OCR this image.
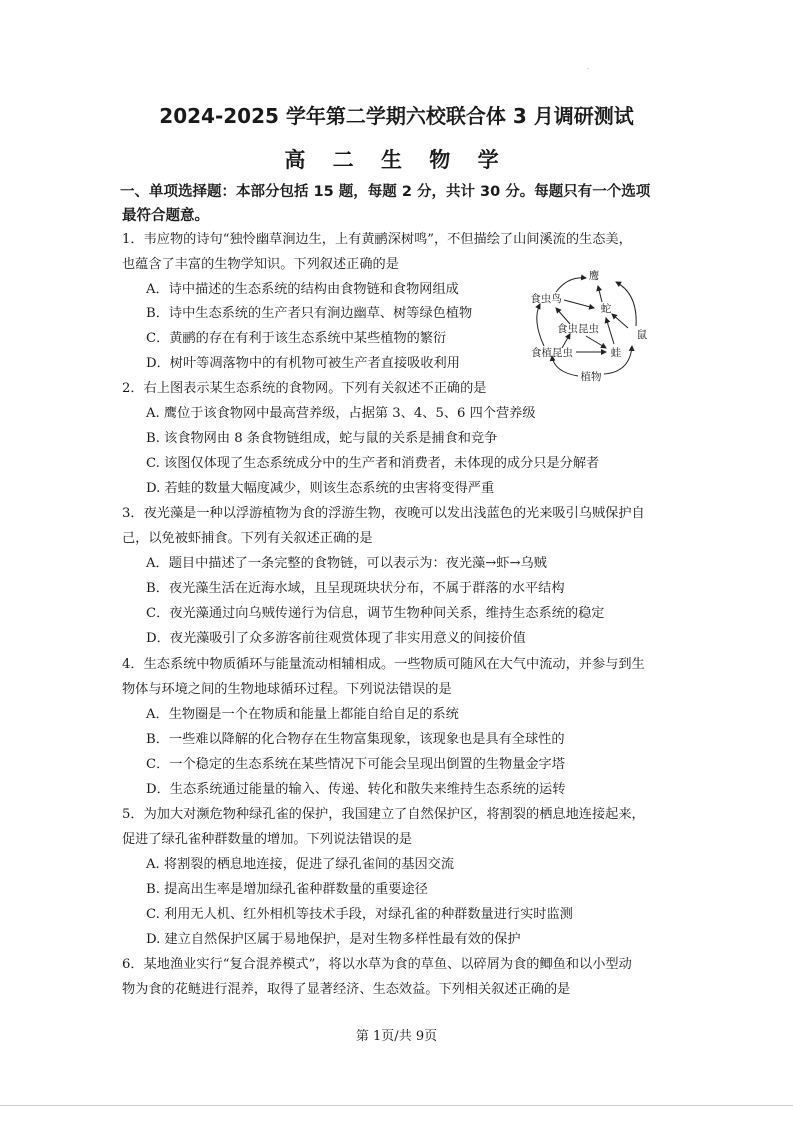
·
2024-2025 学年第二学期六校联合体 3 月调研测试
高 二 生 物 学
一、单项选择题：本部分包括 15 题，每题 2 分，共计 30 分。每题只有一个选项
最符合题意。
1．韦应物的诗句“独怜幽草涧边生，上有黄鹂深树鸣”，不但描绘了山间溪流的生态美，
也蕴含了丰富的生物学知识。下列叙述正确的是
A．诗中描述的生态系统的结构由食物链和食物网组成
B．诗中生态系统的生产者只有涧边幽草、树等绿色植物
C．黄鹂的存在有利于该生态系统中某些植物的繁衍
D．树叶等凋落物中的有机物可被生产者直接吸收利用
鹰
食虫鸟
蛇
食虫昆虫	鼠
食植昆虫	蛙
植物
2．右上图表示某生态系统的食物网。下列有关叙述不正确的是
A. 鹰位于该食物网中最高营养级，占据第 3、4、5、6 四个营养级
B. 该食物网由 8 条食物链组成，蛇与鼠的关系是捕食和竞争
C. 该图仅体现了生态系统成分中的生产者和消费者，未体现的成分只是分解者
D. 若蛙的数量大幅度减少，则该生态系统的虫害将变得严重
3．夜光藻是一种以浮游植物为食的浮游生物，夜晚可以发出浅蓝色的光来吸引乌贼保护自
己，以免被虾捕食。下列有关叙述正确的是
A．题目中描述了一条完整的食物链，可以表示为：夜光藻→虾→乌贼
B．夜光藻生活在近海水域，且呈现斑块状分布，不属于群落的水平结构
C．夜光藻通过向乌贼传递行为信息，调节生物种间关系，维持生态系统的稳定
D．夜光藻吸引了众多游客前往观赏体现了非实用意义的间接价值
4．生态系统中物质循环与能量流动相辅相成。一些物质可随风在大气中流动，并参与到生
物体与环境之间的生物地球循环过程。下列说法错误的是
A．生物圈是一个在物质和能量上都能自给自足的系统
B．一些难以降解的化合物存在生物富集现象，该现象也是具有全球性的
C．一个稳定的生态系统在某些情况下可能会呈现出倒置的生物量金字塔
D．生态系统通过能量的输入、传递、转化和散失来维持生态系统的运转
5．为加大对濒危物种绿孔雀的保护，我国建立了自然保护区，将割裂的栖息地连接起来，
促进了绿孔雀种群数量的增加。下列说法错误的是
A. 将割裂的栖息地连接，促进了绿孔雀间的基因交流
B. 提高出生率是增加绿孔雀种群数量的重要途径
C. 利用无人机、红外相机等技术手段，对绿孔雀的种群数量进行实时监测
D. 建立自然保护区属于易地保护，是对生物多样性最有效的保护
6．某地渔业实行“复合混养模式”，将以水草为食的草鱼、以碎屑为食的鲫鱼和以小型动
物为食的花鲢进行混养，取得了显著经济、生态效益。下列相关叙述正确的是
第 1页/共 9页
